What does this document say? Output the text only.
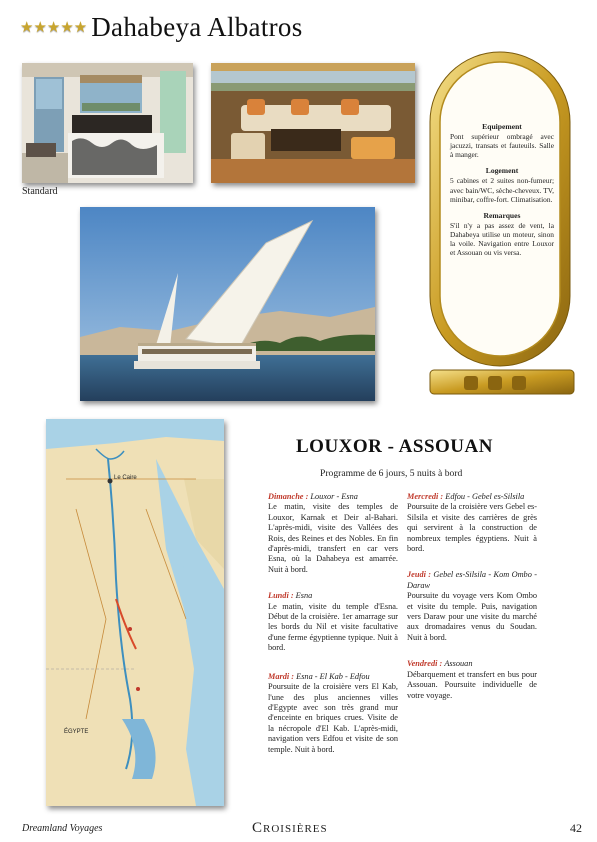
★★★★★ Dahabeya Albatros
Standard
Equipement

Pont supérieur ombragé avec jacuzzi, transats et fauteuils. Salle à manger.

Logement

5 cabines et 2 suites non-fumeur; avec bain/WC, sèche-cheveux. TV, minibar, coffre-fort. Climatisation.

Remarques

S'il n'y a pas assez de vent, la Dahabeya utilise un moteur, sinon la voile. Navigation entre Louxor et Assouan ou vis versa.

Le Caire
ÉGYPTE
LOUXOR - ASSOUAN
Programme de 6 jours, 5 nuits à bord
Dimanche : Louxor - Esna
Le matin, visite des temples de Louxor, Karnak et Deir al-Bahari. L'après-midi, visite des Vallées des Rois, des Reines et des Nobles. En fin d'après-midi, transfert en car vers Esna, où la Dahabeya est amarrée. Nuit à bord.
Lundi : Esna
Le matin, visite du temple d'Esna. Début de la croisière. 1er amarrage sur les bords du Nil et visite facultative d'une ferme égyptienne typique. Nuit à bord.
Mardi : Esna - El Kab - Edfou
Poursuite de la croisière vers El Kab, l'une des plus anciennes villes d'Egypte avec son très grand mur d'enceinte en briques crues. Visite de la nécropole d'El Kab. L'après-midi, navigation vers Edfou et visite de son temple. Nuit à bord.
Mercredi : Edfou - Gebel es-Silsila
Poursuite de la croisière vers Gebel es-Silsila et visite des carrières de grès qui servirent à la construction de nombreux temples égyptiens. Nuit à bord.
Jeudi : Gebel es-Silsila - Kom Ombo - Daraw
Poursuite du voyage vers Kom Ombo et visite du temple. Puis, navigation vers Daraw pour une visite du marché aux dromadaires venus du Soudan. Nuit à bord.
Vendredi : Assouan
Débarquement et transfert en bus pour Assouan. Poursuite individuelle de votre voyage.
Dreamland Voyages	Croisières	42
